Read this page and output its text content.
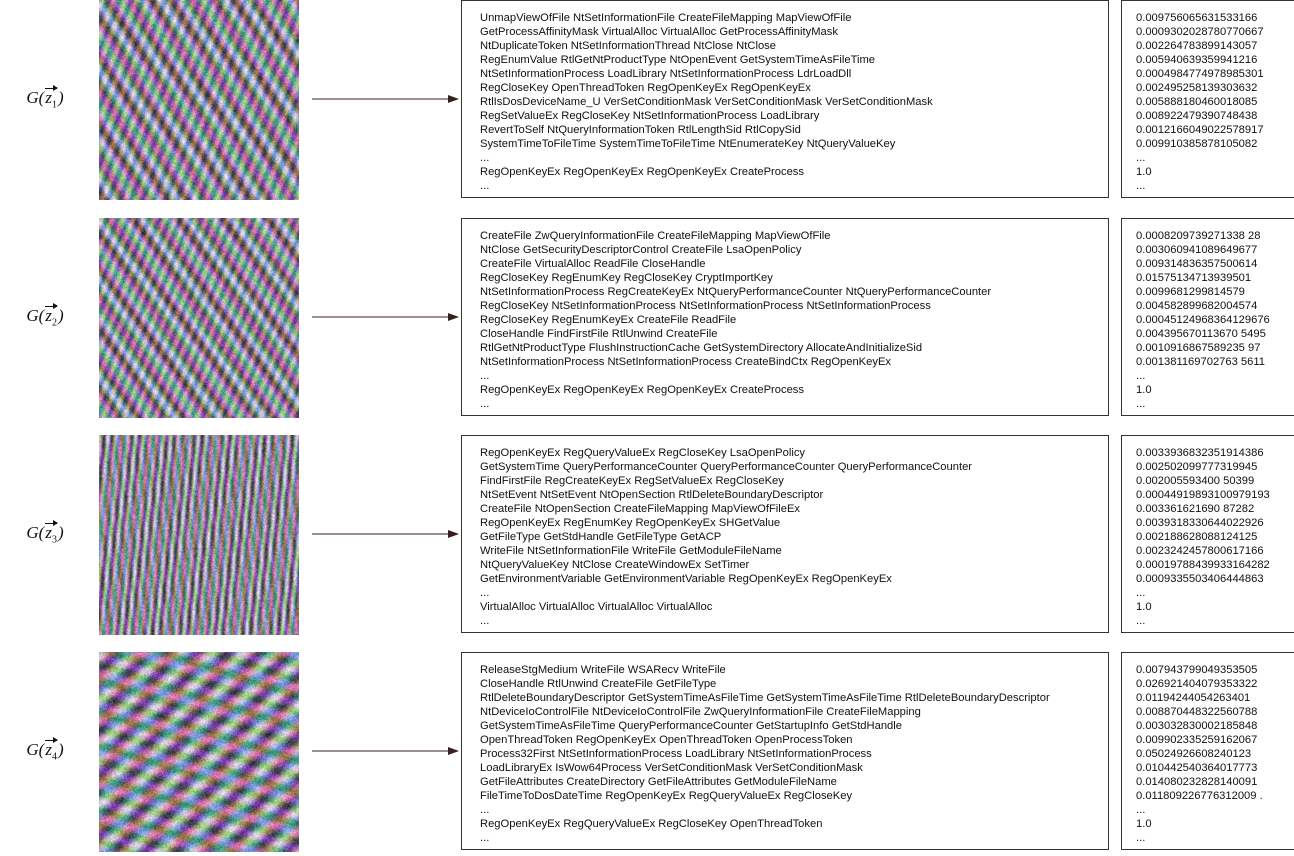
$G(z_1)$
UnmapViewOfFile NtSetInformationFile CreateFileMapping MapViewOfFile
GetProcessAffinityMask VirtualAlloc VirtualAlloc GetProcessAffinityMask
NtDuplicateToken NtSetInformationThread NtClose NtClose
RegEnumValue RtlGetNtProductType NtOpenEvent GetSystemTimeAsFileTime
NtSetInformationProcess LoadLibrary NtSetInformationProcess LdrLoadDll
RegCloseKey OpenThreadToken RegOpenKeyEx RegOpenKeyEx
RtlIsDosDeviceName_U VerSetConditionMask VerSetConditionMask VerSetConditionMask
RegSetValueEx RegCloseKey NtSetInformationProcess LoadLibrary
RevertToSelf NtQueryInformationToken RtlLengthSid RtlCopySid
SystemTimeToFileTime SystemTimeToFileTime NtEnumerateKey NtQueryValueKey
...
RegOpenKeyEx RegOpenKeyEx RegOpenKeyEx CreateProcess
...
0.009756065631533166
0.0009302028780770667
0.002264783899143057
0.005940639359941216
0.0004984774978985301
0.002495258139303632
0.005888180460018085
0.008922479390748438
0.0012166049022578917
0.009910385878105082
...
1.0
...
$G(z_2)$
CreateFile ZwQueryInformationFile CreateFileMapping MapViewOfFile
NtClose GetSecurityDescriptorControl CreateFile LsaOpenPolicy
CreateFile VirtualAlloc ReadFile CloseHandle
RegCloseKey RegEnumKey RegCloseKey CryptImportKey
NtSetInformationProcess RegCreateKeyEx NtQueryPerformanceCounter NtQueryPerformanceCounter
RegCloseKey NtSetInformationProcess NtSetInformationProcess NtSetInformationProcess
RegCloseKey RegEnumKeyEx CreateFile ReadFile
CloseHandle FindFirstFile RtlUnwind CreateFile
RtlGetNtProductType FlushInstructionCache GetSystemDirectory AllocateAndInitializeSid
NtSetInformationProcess NtSetInformationProcess CreateBindCtx RegOpenKeyEx
...
RegOpenKeyEx RegOpenKeyEx RegOpenKeyEx CreateProcess
...
0.0008209739271338 28
0.003060941089649677
0.009314836357500614
0.01575134713939501
0.0099681299814579
0.004582899682004574
0.00045124968364129676
0.004395670113670 5495
0.0010916867589235 97
0.001381169702763 5611
...
1.0
...
$G(z_3)$
RegOpenKeyEx RegQueryValueEx RegCloseKey LsaOpenPolicy
GetSystemTime QueryPerformanceCounter QueryPerformanceCounter QueryPerformanceCounter
FindFirstFile RegCreateKeyEx RegSetValueEx RegCloseKey
NtSetEvent NtSetEvent NtOpenSection RtlDeleteBoundaryDescriptor
CreateFile NtOpenSection CreateFileMapping MapViewOfFileEx
RegOpenKeyEx RegEnumKey RegOpenKeyEx SHGetValue
GetFileType GetStdHandle GetFileType GetACP
WriteFile NtSetInformationFile WriteFile GetModuleFileName
NtQueryValueKey NtClose CreateWindowEx SetTimer
GetEnvironmentVariable GetEnvironmentVariable RegOpenKeyEx RegOpenKeyEx
...
VirtualAlloc VirtualAlloc VirtualAlloc VirtualAlloc
...
0.0033936832351914386
0.002502099777319945
0.002005593400 50399
0.00044919893100979193
0.003361621690 87282
0.0039318330644022926
0.002188628088124125
0.0023242457800617166
0.00019788439933164282
0.0009335503406444863
...
1.0
...
$G(z_4)$
ReleaseStgMedium WriteFile WSARecv WriteFile
CloseHandle RtlUnwind CreateFile GetFileType
RtlDeleteBoundaryDescriptor GetSystemTimeAsFileTime GetSystemTimeAsFileTime RtlDeleteBoundaryDescriptor
NtDeviceIoControlFile NtDeviceIoControlFile ZwQueryInformationFile CreateFileMapping
GetSystemTimeAsFileTime QueryPerformanceCounter GetStartupInfo GetStdHandle
OpenThreadToken RegOpenKeyEx OpenThreadToken OpenProcessToken
Process32First NtSetInformationProcess LoadLibrary NtSetInformationProcess
LoadLibraryEx IsWow64Process VerSetConditionMask VerSetConditionMask
GetFileAttributes CreateDirectory GetFileAttributes GetModuleFileName
FileTimeToDosDateTime RegOpenKeyEx RegQueryValueEx RegCloseKey
...
RegOpenKeyEx RegQueryValueEx RegCloseKey OpenThreadToken
...
0.007943799049353505
0.026921404079353322
0.01194244054263401
0.008870448322560788
0.003032830002185848
0.009902335259162067
0.05024926608240123
0.010442540364017773
0.014080232828140091
0.011809226776312009 .
...
1.0
...
